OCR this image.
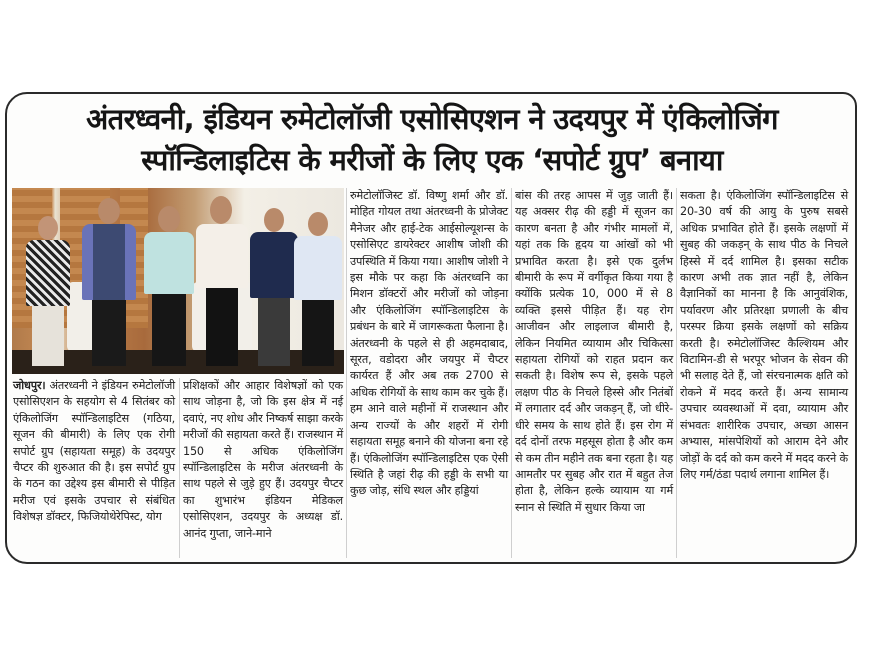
अंतरध्वनी, इंडियन रुमेटोलॉजी एसोसिएशन ने उदयपुर में एंकिलोजिंग
स्पॉन्डिलाइटिस के मरीजों के लिए एक ‘सपोर्ट ग्रुप’ बनाया

जोधपुर। अंतरध्वनी ने इंडियन रुमेटोलॉजी एसोसिएशन के सहयोग से 4 सितंबर को एंकिलोजिंग स्पॉन्डिलाइटिस (गठिया, सूजन की बीमारी) के लिए एक रोगी सपोर्ट ग्रुप (सहायता समूह) के उदयपुर चैप्टर की शुरुआत की है। इस सपोर्ट ग्रुप के गठन का उद्देश्य इस बीमारी से पीड़ित मरीज एवं इसके उपचार से संबंधित विशेषज्ञ डॉक्टर, फिजियोथेरेपिस्ट, योग

प्रशिक्षकों और आहार विशेषज्ञों को एक साथ जोड़ना है, जो कि इस क्षेत्र में नई दवाएं, नए शोध और निष्कर्ष साझा करके मरीजों की सहायता करते हैं। राजस्थान में 150 से अधिक एंकिलोजिंग स्पॉन्डिलाइटिस के मरीज अंतरध्वनी के साथ पहले से जुड़े हुए हैं। उदयपुर चैप्टर का शुभारंभ इंडियन मेडिकल एसोसिएशन, उदयपुर के अध्यक्ष डॉ. आनंद गुप्ता, जाने-माने

रुमेटोलॉजिस्ट डॉ. विष्णु शर्मा और डॉ. मोहित गोयल तथा अंतरध्वनी के प्रोजेक्ट मैनेजर और हाई-टेक आईसोल्यूशन्स के एसोसिएट डायरेक्टर आशीष जोशी की उपस्थिति में किया गया। आशीष जोशी ने इस मौके पर कहा कि अंतरध्वनि का मिशन डॉक्टरों और मरीजों को जोड़ना और एंकिलोजिंग स्पॉन्डिलाइटिस के प्रबंधन के बारे में जागरूकता फैलाना है। अंतरध्वनी के पहले से ही अहमदाबाद, सूरत, वडोदरा और जयपुर में चैप्टर कार्यरत हैं और अब तक 2700 से अधिक रोगियों के साथ काम कर चुके हैं। हम आने वाले महीनों में राजस्थान और अन्य राज्यों के और शहरों में रोगी सहायता समूह बनाने की योजना बना रहे हैं। एंकिलोजिंग स्पॉन्डिलाइटिस एक ऐसी स्थिति है जहां रीढ़ की हड्डी के सभी या कुछ जोड़, संधि स्थल और हड्डियां

बांस की तरह आपस में जुड़ जाती हैं। यह अक्सर रीढ़ की हड्डी में सूजन का कारण बनता है और गंभीर मामलों में, यहां तक कि हृदय या आंखों को भी प्रभावित करता है। इसे एक दुर्लभ बीमारी के रूप में वर्गीकृत किया गया है क्योंकि प्रत्येक 10, 000 में से 8 व्यक्ति इससे पीड़ित हैं। यह रोग आजीवन और लाइलाज बीमारी है, लेकिन नियमित व्यायाम और चिकित्सा सहायता रोगियों को राहत प्रदान कर सकती है। विशेष रूप से, इसके पहले लक्षण पीठ के निचले हिस्से और नितंबों में लगातार दर्द और जकड़न् हैं, जो धीरे-धीरे समय के साथ होते हैं। इस रोग में दर्द दोनों तरफ महसूस होता है और कम से कम तीन महीने तक बना रहता है। यह आमतौर पर सुबह और रात में बहुत तेज होता है, लेकिन हल्के व्यायाम या गर्म स्नान से स्थिति में सुधार किया जा

सकता है। एंकिलोजिंग स्पॉन्डिलाइटिस से 20-30 वर्ष की आयु के पुरुष सबसे अधिक प्रभावित होते हैं। इसके लक्षणों में सुबह की जकड़न् के साथ पीठ के निचले हिस्से में दर्द शामिल है। इसका सटीक कारण अभी तक ज्ञात नहीं है, लेकिन वैज्ञानिकों का मानना है कि आनुवंशिक, पर्यावरण और प्रतिरक्षा प्रणाली के बीच परस्पर क्रिया इसके लक्षणों को सक्रिय करती है। रुमेटोलॉजिस्ट कैल्शियम और विटामिन-डी से भरपूर भोजन के सेवन की भी सलाह देते हैं, जो संरचनात्मक क्षति को रोकने में मदद करते हैं। अन्य सामान्य उपचार व्यवस्थाओं में दवा, व्यायाम और संभवतः शारीरिक उपचार, अच्छा आसन अभ्यास, मांसपेशियों को आराम देने और जोड़ों के दर्द को कम करने में मदद करने के लिए गर्म/ठंडा पदार्थ लगाना शामिल हैं।
